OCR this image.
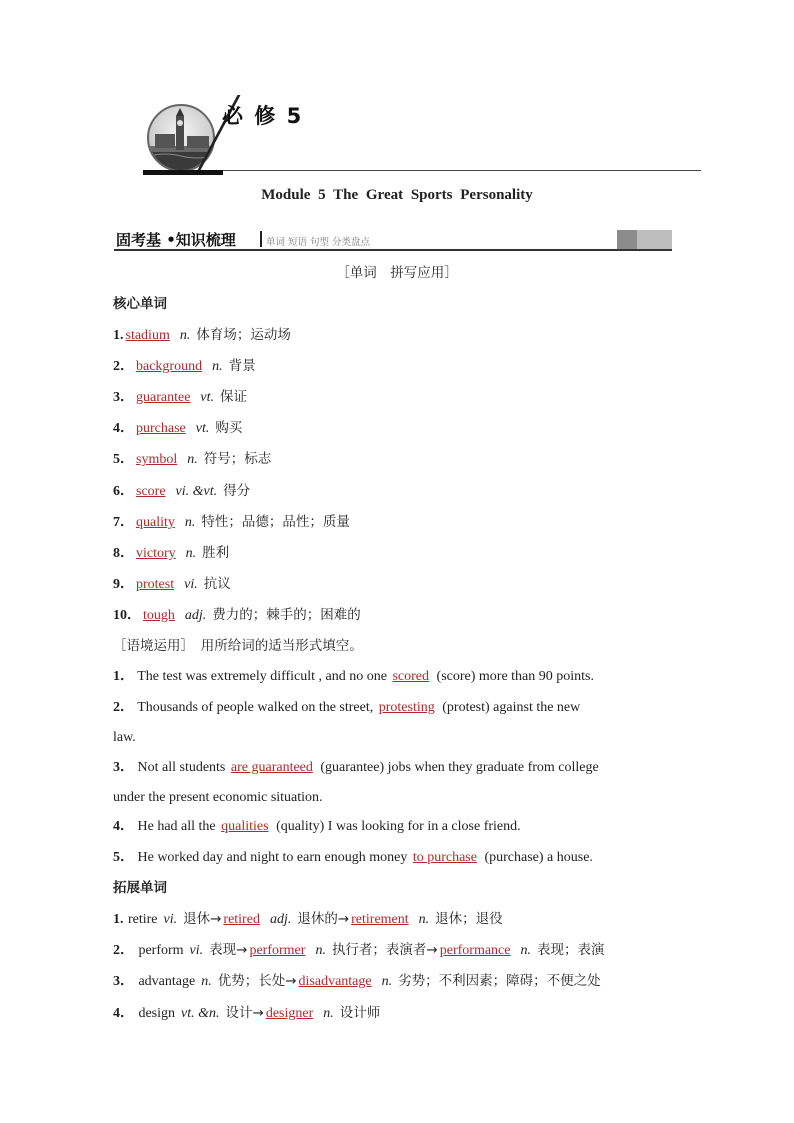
必 修 5
Module 5 The Great Sports Personality
固考基 •知识梳理	单词 短语 句型 分类盘点
［单词　拼写应用］
核心单词
1. stadium n. 体育场；运动场
2． background n. 背景
3． guarantee vt. 保证
4． purchase vt. 购买
5． symbol n. 符号；标志
6． score vi. &vt. 得分
7． quality n. 特性；品德；品性；质量
8． victory n. 胜利
9． protest vi. 抗议
10． tough adj. 费力的；棘手的；困难的
［语境运用］　用所给词的适当形式填空。
1． The test was extremely difficult , and no one scored (score) more than 90 points.
2． Thousands of people walked on the street, protesting (protest) against the new
law.
3． Not all students are guaranteed (guarantee) jobs when they graduate from college
under the present economic situation.
4． He had all the qualities (quality) I was looking for in a close friend.
5． He worked day and night to earn enough money to purchase (purchase) a house.
拓展单词
1. retire vi. 退休→ retired adj. 退休的→ retirement n. 退休；退役
2． perform vi. 表现→ performer n. 执行者；表演者→ performance n. 表现；表演
3． advantage n. 优势；长处→ disadvantage n. 劣势；不利因素；障碍；不便之处
4． design vt. &n. 设计→ designer n. 设计师
